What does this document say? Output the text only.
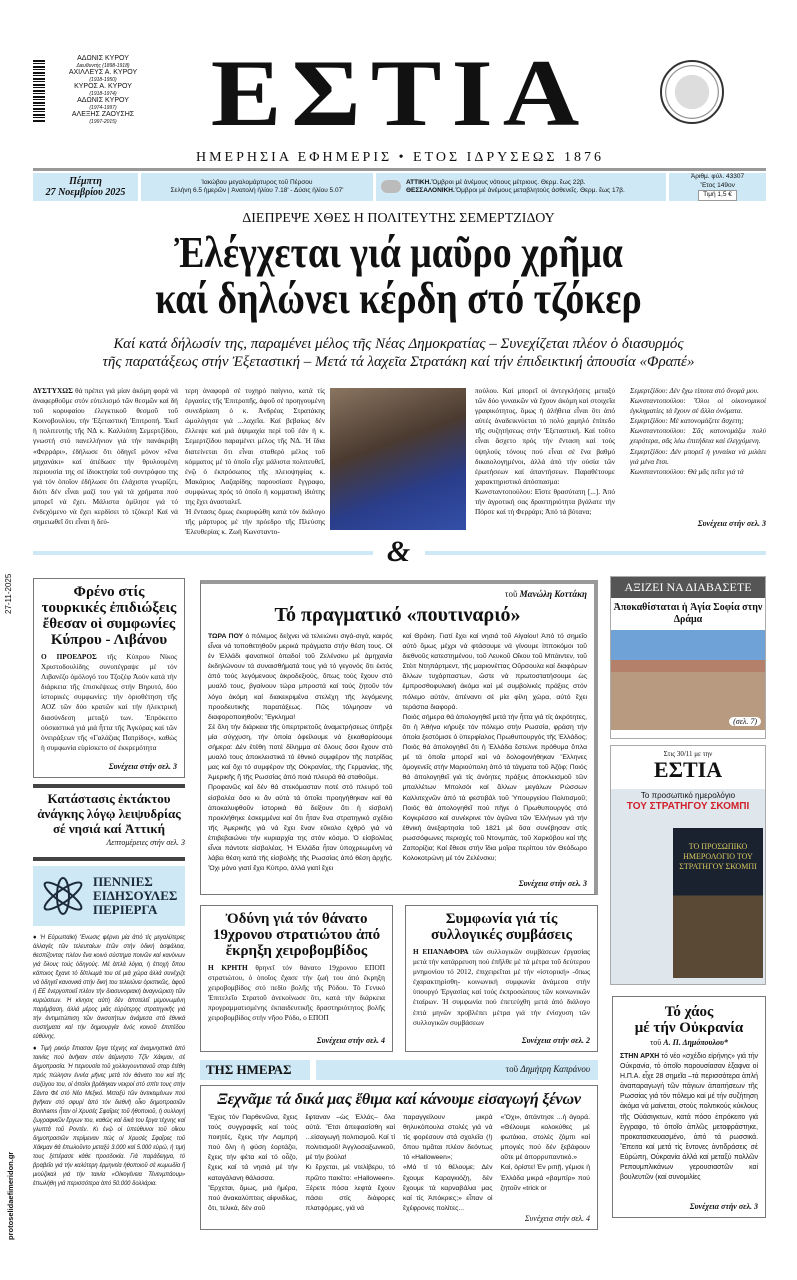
ΑΔΩΝΙΣ ΚΥΡΟΥ
Διευθυντής (1898-1918)
ΑΧΙΛΛΕΥΣ Α. ΚΥΡΟΥ
(1918-1950)
ΚΥΡΟΣ Α. ΚΥΡΟΥ
(1918-1974)
ΑΔΩΝΙΣ ΚΥΡΟΥ
(1974-1997)
ΑΛΕΞΗΣ ΖΑΟΥΣΗΣ
(1997-2015) ΕΣΤΙΑ
ΗΜΕΡΗΣΙΑ ΕΦΗΜΕΡΙΣ • ΕΤΟΣ ΙΔΡΥΣΕΩΣ 1876
Πέμπτη
27 Νοεμβρίου 2025
Ἰακώβου μεγαλομάρτυρος τοῦ Πέρσου
Σελήνη 6.5 ἡμερῶν | Ἀνατολή ἡλίου 7.18' - Δύσις ἡλίου 5.07'
ΑΤΤΙΚΗ.Ὄμβροι μέ ἀνέμους νότιους μέτριους. Θερμ. ἕως 22β.
ΘΕΣΣΑΛΟΝΙΚΗ.Ὄμβροι μέ ἀνέμους μεταβλητούς ἀσθενεῖς. Θερμ. ἕως 17β.
Ἀριθμ. φύλ. 43307
Ἔτος 149ον
Τιμή 1,5 €
ΔΙΕΠΡΕΨΕ ΧΘΕΣ Η ΠΟΛΙΤΕΥΤΗΣ ΣΕΜΕΡΤΖΙΔΟΥ
Ἐλέγχεται γιά μαῦρο χρῆμα
καί δηλώνει κέρδη στό τζόκερ
Καί κατά δήλωσίν της, παραμένει μέλος τῆς Νέας Δημοκρατίας – Συνεχίζεται πλέον ὁ διασυρμός
τῆς παρατάξεως στήν Ἐξεταστική – Μετά τά λαχεῖα Στρατάκη καί τήν ἐπιδεικτική ἀπουσία «Φραπέ»
ΔΥΣΤΥΧΩΣ θά πρέπει γιά μίαν ἀκόμη φορά νά ἀναφερθοῦμε στόν εὐτελισμό τῶν θεσμῶν καί δή τοῦ κορυφαίου ἐλεγκτικοῦ θεσμοῦ τοῦ Κοινοβουλίου, τήν Ἐξεταστική Ἐπιτροπή. Ἐκεῖ ἡ πολιτευτής τῆς ΝΔ κ. Καλλιόπη Σεμερτζίδου, γνωστή στό πανελλήνιον γιά τήν πανάκριβη «Φερράρι», ἐδήλωσε ὅτι ὁδηγεῖ μόνον «ἕνα μηχανάκι» καί ἀπέδωσε τήν θρυλουμένη περιουσία της σέ ἰδιοκτησία τοῦ συντρόφου της γιά τόν ὁποῖον ἐδήλωσε ὅτι ἐλάχιστα γνωρίζει, διότι δέν εἶναι μαζί του γιά τά χρήματα πού μπορεῖ νά ἔχει. Μάλιστα ὁμίλησε γιά τό ἐνδεχόμενο νά ἔχει κερδίσει τό τζόκερ! Καί νά σημειωθεῖ ὅτι εἶναι ἡ δεύ-
τερη ἀναφορά σέ τυχηρό παίγνιο, κατά τίς ἐργασίες τῆς Ἐπιτροπῆς, ἀφοῦ σέ προηγουμένη συνεδρίαση ὁ κ. Ἀνδρέας Στρατάκης ὡμολόγησε γιά ...λαχεῖα. Καί βεβαίως δέν ἔλλειψε καί μιά ἀψιμαχία περί τοῦ ἐάν ἡ κ. Σεμερτζίδου παραμένει μέλος τῆς ΝΔ. Ἡ ἴδια διατείνεται ὅτι εἶναι σταθερό μέλος τοῦ κόμματος μέ τό ὁποῖο εἶχε μάλιστα πολιτευθεῖ, ἐνῷ ὁ ἐκπρόσωπος τῆς πλειοψηφίας κ. Μακάριος Λαζαρίδης παρουσίασε ἔγγραφο, συμφώνως πρός τό ὁποῖο ἡ κομματική ἰδιότης της ἔχει ἀνασταλεῖ.
Ἡ ἔντασις ὅμως ἐκορυφώθη κατά τόν διάλογο τῆς μάρτυρος μέ τήν πρόεδρο τῆς Πλεύσης Ἐλευθερίας κ. Ζωή Κωνσταντο-
πούλου. Καί μπορεῖ οἱ ἀντεγκλήσεις μεταξύ τῶν δύο γυναικῶν νά ἔχουν ἀκόμη καί στοιχεῖα γραφικότητος, ὅμως ἡ ἀλήθεια εἶναι ὅτι ἀπό αὐτές ἀναδεικνύεται τό πολύ χαμηλό ἐπίπεδο τῆς συζητήσεως στήν Ἐξεταστική. Καί τοῦτο εἶναι ἄσχετο πρός τήν ἔνταση καί τούς ὑψηλούς τόνους πού εἶναι σέ ἕνα βαθμό δικαιολογημένοι, ἀλλά ἀπό τήν οὐσία τῶν ἐρωτήσεων καί ἀπαντήσεων. Παραθέτουμε χαρακτηριστικό ἀπόσπασμα:
Κωνσταντοπούλου: Εἴστε θρασύτατη [...]. Ἀπό τήν ἀγροτική σας δραστηριότητα βγάλατε τήν Πόρσε καί τή Φερράρι; Ἀπό τά βότανα;
Σεμερτζίδου: Δέν ἔχω τίποτα στό ὄνομά μου.
Κωνσταντοπούλου: Ὅλοι οἱ οἰκονομικοί ἐγκληματίες τά ἔχουν σέ ἄλλα ὀνόματα.
Σεμερτζίδου: Μέ κατονομάζετε ἄσχετη;
Κωνσταντοπούλου: Σᾶς κατονομάζω πολύ χειρότερα, σᾶς λέω ἐπιτήδεια καί ἐλεγχόμενη.
Σεμερτζίδου: Δέν μπορεῖ ἡ γυναίκα νά μιλάει γιά μένα ἔτσι.
Κωνσταντοπούλου: Θά μᾶς πεῖτε γιά τά
Συνέχεια στήν σελ. 3
&
27-11-2025	Φρένο στίς τουρκικές ἐπιδιώξεις ἔθεσαν οἱ συμφωνίες Κύπρου - Λιβάνου
Ο ΠΡΟΕΔΡΟΣ τῆς Κύπρου Νίκος Χριστοδουλίδης συνυπέγραψε μέ τόν Λιβανέζο ὁμόλογό του Τζοζέφ Ἀούν κατά τήν διάρκεια τῆς ἐπισκέψεως στήν Βηρυτό, δύο ἱστορικές συμφωνίες: τήν ὁριοθέτηση τῆς ΑΟΖ τῶν δύο κρατῶν καί τήν ἠλεκτρική διασύνδεση μεταξύ των. Ἐπρόκειτο οὐσιαστικά γιά μιά ἧττα τῆς Ἀγκύρας καί τῶν ὀνειράξεων τῆς «Γαλάζιας Πατρίδος», καθώς ἡ συμφωνία εὑρίσκετο σέ ἐκκρεμότητα
Συνέχεια στήν σελ. 3
Κατάστασις ἐκτάκτου ἀνάγκης λόγῳ λειψυδρίας σέ νησιά καί Ἀττική
Λεπτομέρειες στήν σελ. 3
ΠΕΝΝΙΕΣ
ΕΙΔΗΣΟΥΛΕΣ
ΠΕΡΙΕΡΓΑ

● Ἡ Εὐρωπαϊκή Ἕνωσις φέρνει μία ἀπό τίς μεγαλύτερες ἀλλαγές τῶν τελευταίων ἐτῶν στήν ὁδική ἀσφάλεια, θεσπίζοντας πλέον ἕνα κοινό σύστημα ποινῶν καί κανόνων γιά ὅλους τούς ὁδηγούς. Μέ ἁπλά λόγια, ἡ ἐποχή ὅπου κάποιος ἔχανε τό δίπλωμά του σέ μιά χώρα ἀλλά συνέχιζε νά ὁδηγεῖ κανονικά στήν δική του τελειώνει ὁριστικῶς, ἀφοῦ ἡ ΕΕ ἐνεργοποιεῖ πλέον τήν διασυνοριακή ἀναγνώριση τῶν κυρώσεων. Ἡ κίνησις αὐτή δέν ἀποτελεῖ μεμονωμένη παρέμβαση, ἀλλά μέρος μιᾶς εὐρύτερης στρατηγικῆς γιά τήν ἀντιμετώπιση τῶν ἀνισοτήτων ἀνάμεσα στά ἐθνικά συστήματα καί τήν δημιουργία ἑνός κοινοῦ ἐπιπέδου εὐθύνης.

● Τιμή ρεκόρ ἔπιασαν ἔργα τέχνης καί ἀναμνηστικά ἀπό ταινίες πού ἀνῆκαν στόν ἀείμνηστο Τζῖν Χάκμαν, σέ δημοπρασία. Ἡ περιουσία τοῦ χολλυγουντιανοῦ σταρ ἐτέθη πρός πώλησιν ἐννέα μῆνες μετά τόν θάνατο του καί τῆς συζύγου του, οἱ ὁποῖοι βρέθηκαν νεκροί στό σπίτι τους στήν Σάντα Φέ στό Νέο Μεξικό. Μεταξύ τῶν ἀντικειμένων πού βγῆκαν στό σφυρί ἀπό τόν διεθνῆ οἶκο δημοπρασιῶν Bonhams ἦταν οἱ Χρυσές Σφαῖρες τοῦ ἠθοποιοῦ, ἡ συλλογή ζωγραφικῶν ἔργων του, καθώς καί δικά του ἔργα τέχνης καί γλυπτά τοῦ Ροντέν. Κι ἐνῷ οἱ ὑπεύθυνοι τοῦ οἴκου δημοπρασιῶν περίμεναν πώς οἱ Χρυσές Σφαῖρες τοῦ Χάκμαν θά ἐπωλοῦντο μεταξύ 3.000 καί 5.000 εὐρώ, ἡ τιμή τους ξεπέρασε κάθε προσδοκία. Γιά παράδειγμα, τό βραβεῖο γιά τήν καλύτερη ἑρμηνεία ἠθοποιοῦ σέ κωμωδία ἤ μιούζικαλ γιά τήν ταινία «Οἰκογένεια Τένενμπάουμ» ἐπωλήθη γιά περισσότερα ἀπό 50.000 δολλάρια.

protoselidaefimeridon.gr
τοῦ Μανώλη Κοττάκη
Τό πραγματικό «πουτιναριό»
ΤΩΡΑ ΠΟΥ ὁ πόλεμος δείχνει νά τελειώνει σιγά-σιγά, καιρός εἶναι νά τοποθετηθοῦν μερικά πράγματα στήν θέση τους. Οἱ ἐν Ἑλλάδι φανατικοί ὀπαδοί τοῦ Ζελένσκυ μέ ἀμηχανία ἐκδηλώνουν τά συναισθήματά τους γιά τό γεγονός ὅτι ἐκτός ἀπό τούς λεγόμενους ἀκροδεξιούς, ὅπως τούς ἔχουν στό μυαλό τους, βγαίνουν τώρα μπροστά καί τούς ζητοῦν τόν λόγο ἀκόμη καί διακεκριμένα στελέχη τῆς λεγόμενης προοδευτικῆς παρατάξεως. Πῶς τόλμησαν νά διαφοροποιηθοῦν; Ἔγκλημα!
Σέ ὅλη τήν διάρκεια τῆς ὑπερτριετοῦς ἀναμετρήσεως ὑπῆρξε μία σύγχυση, τήν ὁποία ὀφείλουμε νά ξεκαθαρίσουμε σήμερα: Δέν ἐτέθη ποτέ δίλημμα σέ ὅλους ὅσοι ἔχουν στό μυαλό τους ἀποκλειστικά τό ἐθνικό συμφέρον τῆς πατρίδας μας καί ὄχι τό συμφέρον τῆς Οὐκρανίας, τῆς Γερμανίας, τῆς Ἀμερικῆς ἤ τῆς Ρωσσίας ἀπό ποιά πλευρά θά σταθοῦμε.
Προφανῶς καί δέν θά στεκόμασταν ποτέ στό πλευρό τοῦ εἰσβολέα ὅσο κι ἄν αὐτά τά ὁποῖα προηγήθηκαν καί θά ἀποκαλυφθοῦν ἱστορικά θά δείξουν ὅτι ἡ εἰσβολή προκλήθηκε ἐσκεμμένα καί ὅτι ἦταν ἕνα στρατηγικό σχέδιο τῆς Ἀμερικῆς γιά νά ἔχει ἕναν εὔκολο ἐχθρό γιά νά ἐπιβεβαιώνει τήν κυριαρχία της στόν κόσμο. Ὁ εἰσβολέας εἶναι πάντοτε εἰσβολέας. Ἡ Ἑλλάδα ἦταν ὑποχρεωμένη νά λάβει θέση κατά τῆς εἰσβολῆς τῆς Ρωσσίας ἀπό θέση ἀρχῆς. Ὄχι μόνο γιατί ἔχει Κύπρο, ἀλλά γιατί ἔχει
καί Θράκη. Γιατί ἔχει καί νησιά τοῦ Αἰγαίου! Ἀπό τό σημεῖο αὐτό ὅμως μέχρι νά φτάσουμε νά γίνουμε ἱπποκόμοι τοῦ διεθνοῦς κατεστημένου, τοῦ Λευκοῦ Οἴκου τοῦ Μπάιντεν, τοῦ Στέιτ Ντηπάρτμεντ, τῆς μαριονέττας Οὔρσουλα καί διαφόρων ἄλλων τυχάρπαστων, ὥστε νά πρωτοστατήσουμε ὡς ἐμπροσθοφυλακή ἀκόμα καί μέ συμβολικές πράξεις στόν πόλεμο αὐτόν, ἀπέναντι σέ μία φίλη χώρα, αὐτό ἔχει τεράστια διαφορά.
Ποιός σήμερα θά ἀπολογηθεῖ μετά τήν ἧττα γιά τίς ἀκρότητες, ὅτι ἡ Ἀθήνα κήρυξε τόν πόλεμο στήν Ρωσσία, φράση τήν ὁποία ξεστόμισε ὁ ὑπερφίαλος Πρωθυπουργός τῆς Ἑλλάδος; Ποιός θά ἀπολογηθεῖ ὅτι ἡ Ἑλλάδα ἔστελνε πρόθυμα ὅπλα μέ τά ὁποῖα μπορεῖ καί νά δολοφονήθηκαν Ἕλληνες ὁμογενεῖς στήν Μαριούπολη ἀπό τά τάγματα τοῦ Ἀζόφ; Ποιός θά ἀπολογηθεῖ γιά τίς ἀνόητες πράξεις ἀποκλεισμοῦ τῶν μπαλλέτων Μπολσόι καί ἄλλων μεγάλων Ρώσσων Καλλιτεχνῶν ἀπό τά φεστιβάλ τοῦ Ὑπουργείου Πολιτισμοῦ; Ποιός θά ἀπολογηθεῖ πού πῆγε ὁ Πρωθυπουργός στό Κογκρέσσο καί συνέκρινε τόν ἀγῶνα τῶν Ἑλλήνων γιά τήν ἐθνική ἀνεξαρτησία τοῦ 1821 μέ ὅσα συνέβησαν στίς ρωσσόφωνες περιοχές τοῦ Ντονμπάς, τοῦ Χαρκόβου καί τῆς Ζαπορίζια; Καί ἔθεσε στήν ἴδια μοῖρα περίπου τόν Θεόδωρο Κολοκοτρώνη μέ τόν Ζελένσκυ;
Συνέχεια στήν σελ. 3
Ὀδύνη γιά τόν θάνατο 19χρονου στρατιώτου ἀπό ἔκρηξη χειροβομβίδος
Η ΚΡΗΤΗ θρηνεῖ τόν θάνατο 19χρονου ΕΠΟΠ στρατιώτου, ὁ ὁποῖος ἔχασε τήν ζωή του ἀπό ἔκρηξη χειροβομβίδος στό πεδίο βολῆς τῆς Ρόδου. Τό Γενικό Ἐπιτελεῖο Στρατοῦ ἀνεκοίνωσε ὅτι, κατά τήν διάρκεια προγραμματισμένης ἐκπαιδευτικῆς δραστηριότητος βολῆς χειροβομβίδος στήν νῆσο Ρόδο, ο ΕΠΟΠ
Συνέχεια στήν σελ. 4
Συμφωνία γιά τίς συλλογικές συμβάσεις
Η ΕΠΑΝΑΦΟΡΑ τῶν συλλογικῶν συμβάσεων ἐργασίας μετά τήν κατάρρευση πού ἐπῆλθε μέ τά μέτρα τοῦ δεύτερου μνημονίου τό 2012, ἐπιχειρεῖται μέ τήν «ἱστορική» -ὅπως ἐχαρακτηρίσθη- κοινωνική συμφωνία ἀνάμεσα στήν ὑπουργό Ἐργασίας καί τούς ἐκπροσώπους τῶν κοινωνικῶν ἑταίρων. Ἡ συμφωνία πού ἐπετεύχθη μετά ἀπό διάλογο ἑπτά μηνῶν προβλέπει μέτρα γιά τήν ἐνίσχυση τῶν συλλογικῶν συμβάσεων
Συνέχεια στήν σελ. 2
ΤΗΣ ΗΜΕΡΑΣ	τοῦ Δημήτρη Καπράνου
Ξεχνᾶμε τά δικά μας ἔθιμα καί κάνουμε εἰσαγωγή ξένων
Ἔχεις τόν Παρθενῶνα, ἔχεις τούς συγγραφεῖς καί τούς ποιητές, ἔχεις τήν Λαμπρή πού ὅλη ἡ φύση ἑορτάζει, ἔχεις τήν φέτα καί τό οὖζο, ἔχεις καί τά νησιά μέ τήν καταγάλανη θάλασσα.
Ἔρχεται, ὅμως, μιά ἡμέρα, πού ἀνακαλύπτεις αἰφνιδίως, ὅτι, τελικά, δέν σοῦ
ἔφταναν –ὡς Ἑλλάς– ὅλα αὐτά. Ἔτσι ἀπεφασίσθη καί ...εἰσαγωγή πολιτισμοῦ. Καί τί πολιτισμοῦ! Ἀγγλοσαξωνικοῦ, μέ τήν βούλα!
Κι ἔρχεται, μέ ντελίβερυ, τό πρῶτο πακέτο: «Halloween». Ξέρετε πόσα λεφτά ἔχουν πάσει στίς διάφορες πλατφόρμες, γιά νά
παραγγείλουν μικρά θηλυκόπουλα στολές γιά νά τίς φορέσουν στά σχολεῖα (!) ὅπου τιμᾶται πλέον δεόντως τό «Halloween»;
«Μά τί τό θέλουμε; Δέν ἔχουμε Καραγκιόζη, δέν ἔχουμε τά καρναβάλια μας καί τίς Ἀπόκριες;» εἶπαν οἱ ἔχέφρονες πολίτες...
«Ὄχι», ἀπάντησε ...ἡ ἀγορά. «Θέλουμε κολοκύθες μέ φωτάκια, στολές ζόμπι καί μπογιές πού δέν ξεβάφουν οὔτε μέ ἀπορρυπαντικό.»
Καί, ὁρίστε! Ἐν ριπῇ, γέμισε ἡ Ἑλλάδα μικρά «βαμπίρ» πού ζητοῦν «trick or
Συνέχεια στήν σελ. 4
ΑΞΙΖΕΙ ΝΑ ΔΙΑΒΑΣΕΤΕ
Ἀποκαθίσταται ἡ Ἁγία Σοφία στην Δράμα
(σελ. 7)
Στις 30/11 με την
ΕΣΤΙΑ
Το προσωπικό ημερολόγιο
ΤΟΥ ΣΤΡΑΤΗΓΟΥ ΣΚΟΜΠΙ
ΤΟ ΠΡΟΣΩΠΙΚΟ ΗΜΕΡΟΛΟΓΙΟ ΤΟΥ ΣΤΡΑΤΗΓΟΥ ΣΚΟΜΠΙ
Τό χάος
μέ τήν Οὐκρανία
τοῦ Α. Π. Δημόπουλου*
ΣΤΗΝ ΑΡΧΗ τό νέο «σχέδιο εἰρήνης» γιά τήν Οὐκρανία, τό ὁποῖο παρουσίασαν ἐξαφνα οἱ Η.Π.Α. εἶχε 28 σημεῖα –τά περισσότερα ἁπλή ἀναπαραγωγή τῶν πάγιων ἀπαιτήσεων τῆς Ρωσσίας γιά τόν πόλεμο καί μέ τήν συζήτηση ἀκόμα νά μαίνεται, στούς πολιτικούς κύκλους τῆς Οὐάσιγκτων, κατά πόσο ἐπρόκειτο γιά ἔγγραφο, τό ὁποῖο ἁπλῶς μεταφράστηκε, προκατασκευασμένο, ἀπό τά ρωσσικά. Ἔπειτα καί μετά τίς ἔντονες ἀντιδράσεις σέ Εὐρώπη, Οὐκρανία ἀλλά καί μεταξύ πολλῶν Ρεπουμπλικάνων γερουσιαστῶν καί βουλευτῶν (καί συνομιλίες
Συνέχεια στήν σελ. 3
